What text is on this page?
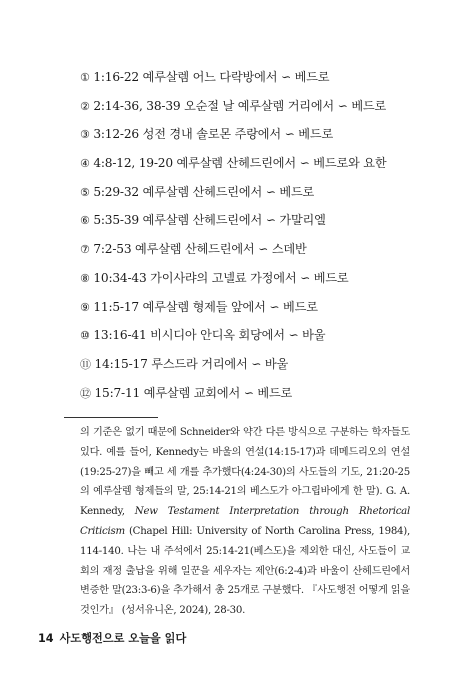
① 1:16-22 예루살렘 어느 다락방에서 ∽ 베드로
② 2:14-36, 38-39 오순절 날 예루살렘 거리에서 ∽ 베드로
③ 3:12-26 성전 경내 솔로몬 주랑에서 ∽ 베드로
④ 4:8-12, 19-20 예루살렘 산헤드린에서 ∽ 베드로와 요한
⑤ 5:29-32 예루살렘 산헤드린에서 ∽ 베드로
⑥ 5:35-39 예루살렘 산헤드린에서 ∽ 가말리엘
⑦ 7:2-53 예루살렘 산헤드린에서 ∽ 스데반
⑧ 10:34-43 가이사랴의 고넬료 가정에서 ∽ 베드로
⑨ 11:5-17 예루살렘 형제들 앞에서 ∽ 베드로
⑩ 13:16-41 비시디아 안디옥 회당에서 ∽ 바울
⑪ 14:15-17 루스드라 거리에서 ∽ 바울
⑫ 15:7-11 예루살렘 교회에서 ∽ 베드로

의 기준은 없기 때문에 Schneider와 약간 다른 방식으로 구분하는 학자들도 있다. 예를 들어, Kennedy는 바울의 연설(14:15-17)과 데메드리오의 연설(19:25-27)을 빼고 세 개를 추가했다(4:24-30)의 사도들의 기도, 21:20-25의 예루살렘 형제들의 말, 25:14-21의 베스도가 아그립바에게 한 말). G. A. Kennedy, New Testament Interpretation through Rhetorical Criticism (Chapel Hill: University of North Carolina Press, 1984), 114-140. 나는 내 주석에서 25:14-21(베스도)을 제외한 대신, 사도들이 교회의 재정 출납을 위해 일꾼을 세우자는 제안(6:2-4)과 바울이 산헤드린에서 변증한 말(23:3-6)을 추가해서 총 25개로 구분했다. 『사도행전 어떻게 읽을 것인가』 (성서유니온, 2024), 28-30.

14 사도행전으로 오늘을 읽다
